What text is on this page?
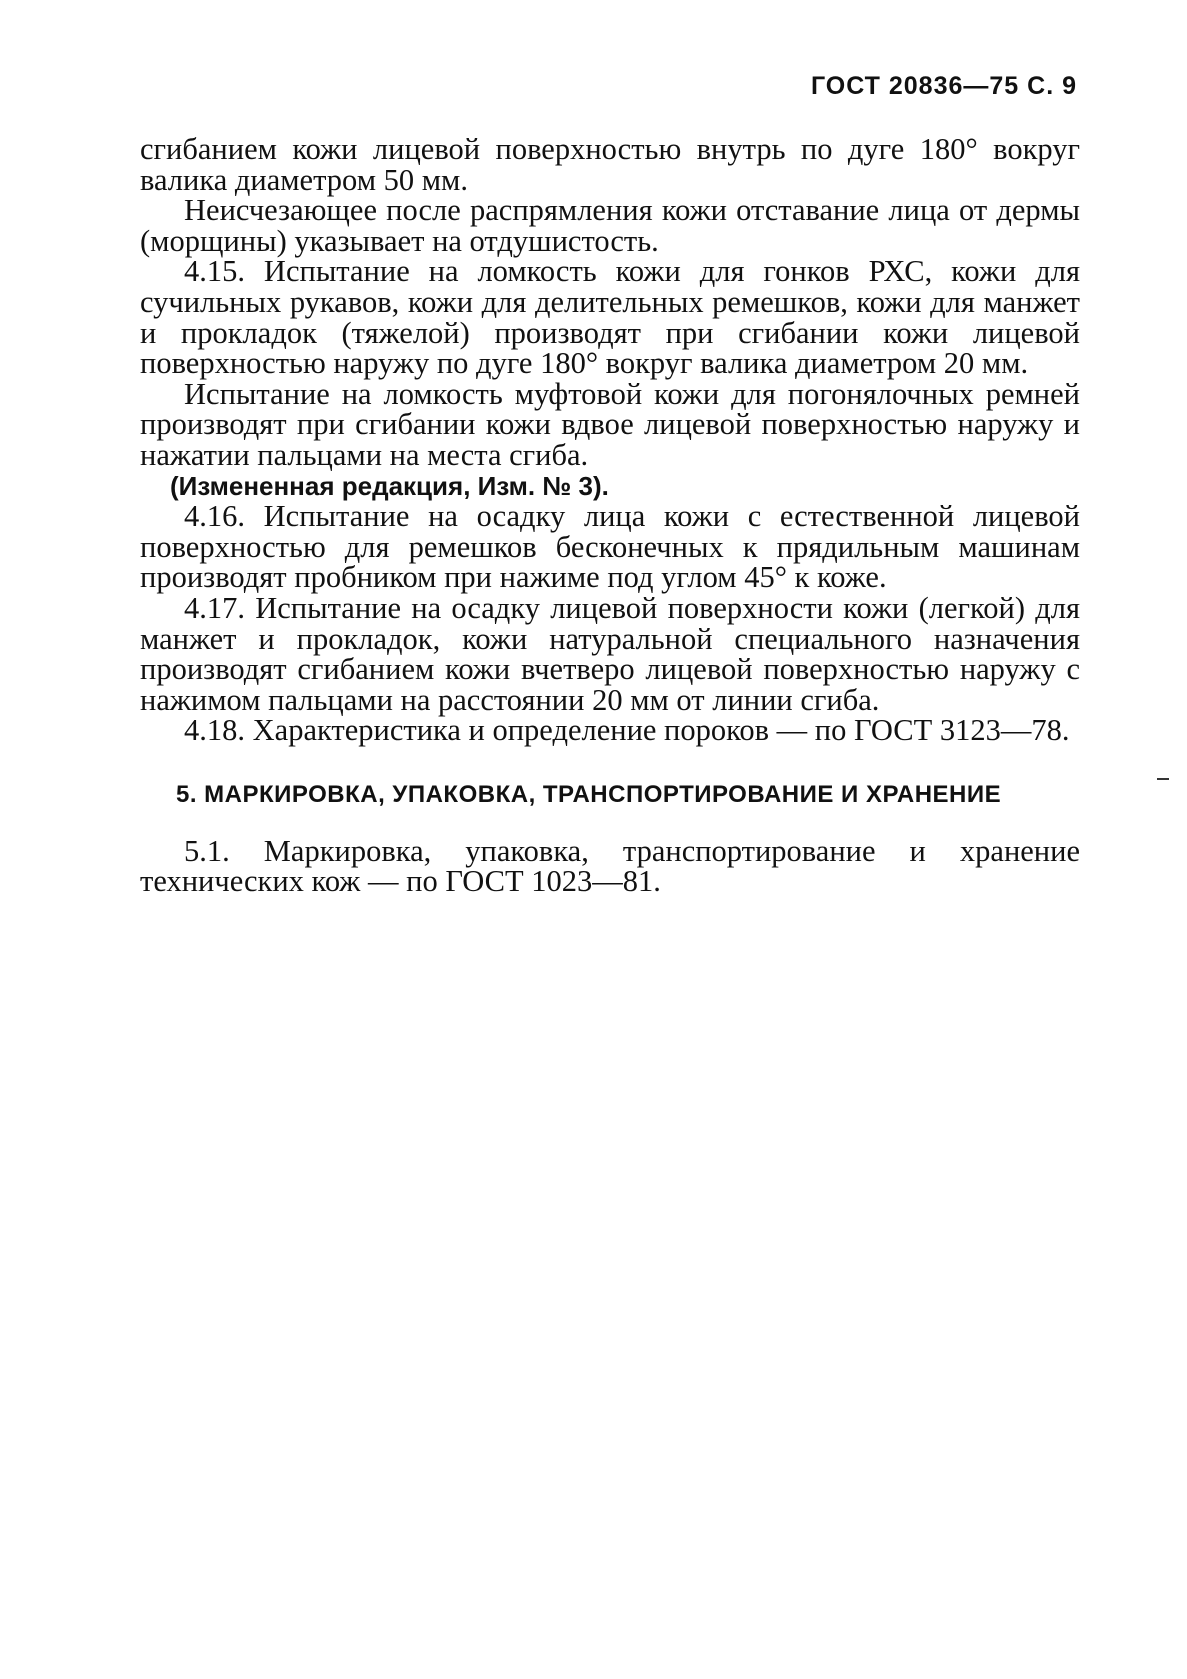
ГОСТ 20836—75 С. 9

сгибанием кожи лицевой поверхностью внутрь по дуге 180° вокруг валика диаметром 50 мм.

Неисчезающее после распрямления кожи отставание лица от дермы (морщины) указывает на отдушистость.

4.15. Испытание на ломкость кожи для гонков РХС, кожи для сучильных рукавов, кожи для делительных ремешков, кожи для манжет и прокладок (тяжелой) производят при сгибании кожи лицевой поверхностью наружу по дуге 180° вокруг валика диаметром 20 мм.

Испытание на ломкость муфтовой кожи для погонялочных ремней производят при сгибании кожи вдвое лицевой поверхностью наружу и нажатии пальцами на места сгиба.

(Измененная редакция, Изм. № 3).

4.16. Испытание на осадку лица кожи с естественной лицевой поверхностью для ремешков бесконечных к прядильным машинам производят пробником при нажиме под углом 45° к коже.

4.17. Испытание на осадку лицевой поверхности кожи (легкой) для манжет и прокладок, кожи натуральной специального назначения производят сгибанием кожи вчетверо лицевой поверхностью наружу с нажимом пальцами на расстоянии 20 мм от линии сгиба.

4.18. Характеристика и определение пороков — по ГОСТ 3123—78.

5. МАРКИРОВКА, УПАКОВКА, ТРАНСПОРТИРОВАНИЕ И ХРАНЕНИЕ

5.1. Маркировка, упаковка, транспортирование и хранение технических кож — по ГОСТ 1023—81.
